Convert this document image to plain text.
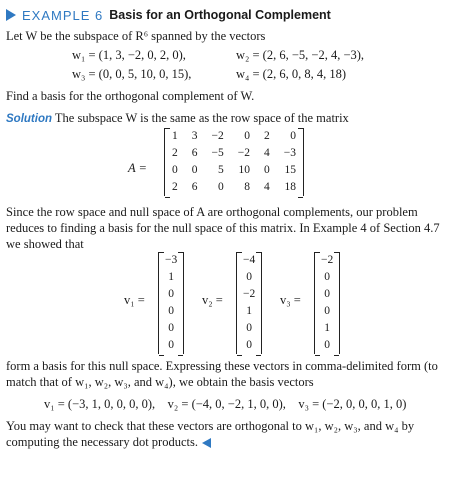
EXAMPLE 6 Basis for an Orthogonal Complement
Let W be the subspace of R⁶ spanned by the vectors
w₁ = (1, 3, −2, 0, 2, 0),	w₂ = (2, 6, −5, −2, 4, −3),
w₃ = (0, 0, 5, 10, 0, 15),	w₄ = (2, 6, 0, 8, 4, 18)
Find a basis for the orthogonal complement of W.
Solution The subspace W is the same as the row space of the matrix
A =
1	3	−2	0	2	0
2	6	−5	−2	4	−3
0	0	5	10	0	15
2	6	0	8	4	18
Since the row space and null space of A are orthogonal complements, our problem
reduces to finding a basis for the null space of this matrix. In Example 4 of Section 4.7
we showed that
v₁ =
−3
1
0
0
0
0
v₂ =
−4
0
−2
1
0
0
v₃ =
−2
0
0
0
1
0
form a basis for this null space. Expressing these vectors in comma-delimited form (to
match that of w₁, w₂, w₃, and w₄), we obtain the basis vectors
v₁ = (−3, 1, 0, 0, 0, 0),    v₂ = (−4, 0, −2, 1, 0, 0),    v₃ = (−2, 0, 0, 0, 1, 0)
You may want to check that these vectors are orthogonal to w₁, w₂, w₃, and w₄ by
computing the necessary dot products.
